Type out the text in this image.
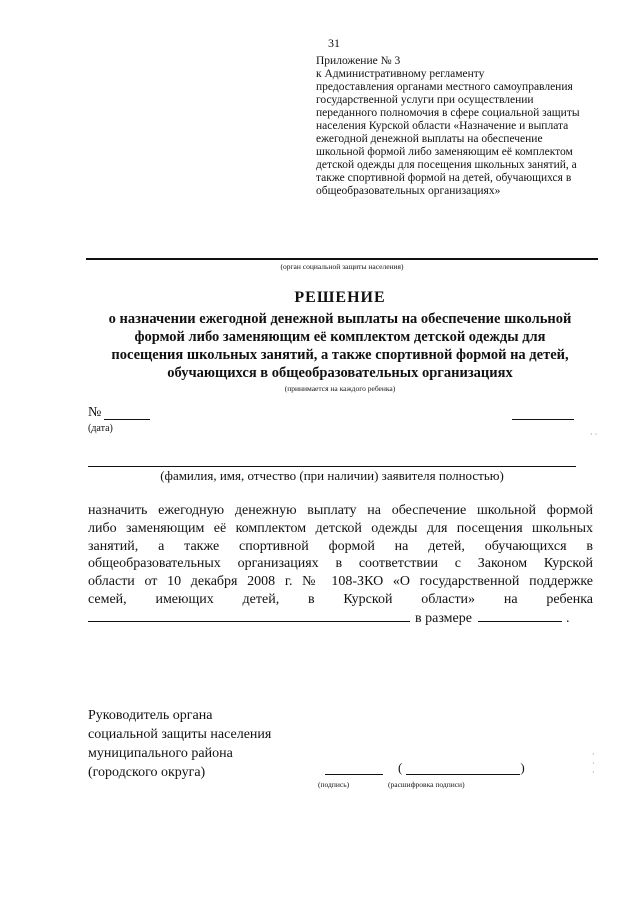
31
Приложение № 3
к Административному регламенту
предоставления органами местного самоуправления
государственной услуги при осуществлении
переданного полномочия в сфере социальной защиты
населения Курской области «Назначение и выплата
ежегодной денежной выплаты на обеспечение
школьной формой либо заменяющим её комплектом
детской одежды для посещения школьных занятий, а
также спортивной формой на детей, обучающихся в
общеобразовательных организациях»
(орган социальной защиты населения)
РЕШЕНИЕ
о назначении ежегодной денежной выплаты на обеспечение школьной
формой либо заменяющим её комплектом детской одежды для
посещения школьных занятий, а также спортивной формой на детей,
обучающихся в общеобразовательных организациях
(принимается на каждого ребенка)
№
(дата)
(фамилия, имя, отчество (при наличии) заявителя полностью)
назначить ежегодную денежную выплату на обеспечение школьной формой
либо заменяющим её комплектом детской одежды для посещения школьных
занятий, а также спортивной формой на детей, обучающихся в
общеобразовательных организациях в соответствии с Законом Курской
области от 10 декабря 2008 г. № 108-ЗКО «О государственной поддержке
семей, имеющих детей, в Курской области» на ребенка
в размере	.
Руководитель органа
социальной защиты населения
муниципального района
(городского округа)
(подпись)
(	)
(расшифровка подписи)
· ·
·
·
·
